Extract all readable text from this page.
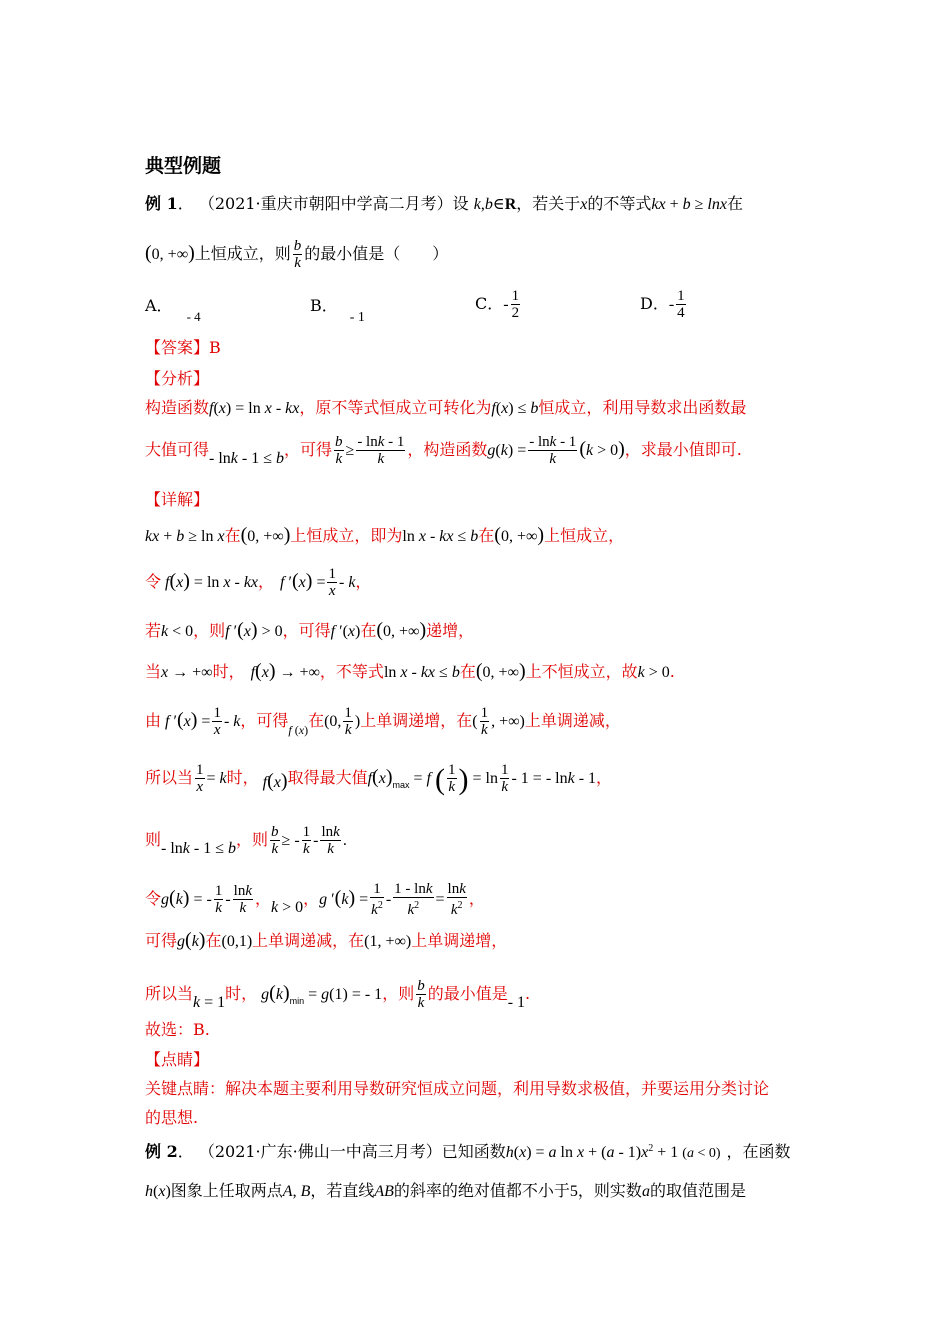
典型例题
例 1． （2021·重庆市朝阳中学高二月考）设 k,b∈R，若关于x的不等式kx + b ≥ lnx在
(0, +∞)上恒成立，则 $\frac{b}{k}$ 的最小值是（　　）
A．$_{- 4}$
B．- 1
C．- $\frac{1}{2}$	D．- $\frac{1}{4}$
【答案】B
【分析】
构造函数f(x) = ln x - kx，原不等式恒成立可转化为f(x) ≤ b恒成立，利用导数求出函数最
大值可得- lnk - 1 ≤ b，可得 $\frac{b}{k} \ge \frac{- \ln k - 1}{k}$ ，构造函数$g(k) = \frac{- \ln k - 1}{k} (k > 0)$，求最小值即可.
【详解】
kx + b ≥ ln x在(0, +∞)上恒成立，即为ln x - kx ≤ b在(0, +∞)上恒成立，
令 f(x) = ln x - kx， f $'(x) = \frac{1}{x} - k$，
若k < 0，则f ′(x) > 0，可得f ′(x)在(0, +∞)递增，
当x → +∞时， f(x) → +∞，不等式ln x - kx ≤ b在(0, +∞)上不恒成立，故k > 0.
由 f $'(x) = \frac{1}{x} - k$，可得$_{f (x)}$在(0, $\frac{1}{k}$ )上单调递增，在( $\frac{1}{k}$ , +∞)上单调递减，
所以当 $\frac{1}{x} = k$时， f(x)取得最大值$f(x)_{max} = f$ ( $\frac{1}{k}$ ) = $\ln \frac{1}{k} - 1$ = - lnk - 1，
则- lnk - 1 ≤ b，则 $\frac{b}{k}$ ≥ - $\frac{1}{k} - \frac{\ln k}{k}$ .
令g(k) = - $\frac{1}{k} - \frac{\ln k}{k}$ ，k > 0，g $'(k) = \frac{1}{k^2} - \frac{1 - \ln k}{k^2} = \frac{\ln k}{k^2}$ ，
可得g(k)在(0,1)上单调递减，在(1, +∞)上单调递增，
所以当k = 1时， $g(k)_{min} = g(1)$ = - 1，则 $\frac{b}{k}$ 的最小值是- 1.
故选：B.
【点睛】
关键点睛：解决本题主要利用导数研究恒成立问题，利用导数求极值，并要运用分类讨论
的思想.
例 2． （2021·广东·佛山一中高三月考）已知函数h(x) = a $\ln x + (a - 1)x^2 + 1$ (a < 0) ，在函数
h(x)图象上任取两点A, B，若直线AB的斜率的绝对值都不小于5，则实数a的取值范围是
